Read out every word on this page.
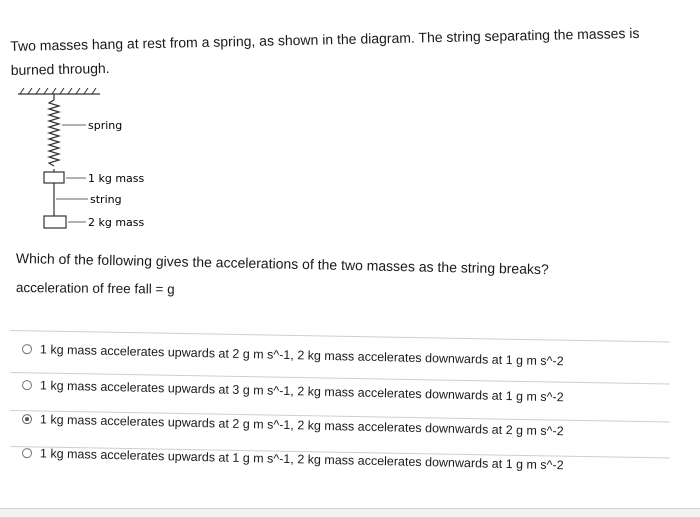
Two masses hang at rest from a spring, as shown in the diagram. The string separating the masses is burned through.
spring
1 kg mass
string
2 kg mass
Which of the following gives the accelerations of the two masses as the string breaks?
acceleration of free fall = g
1 kg mass accelerates upwards at 2 g m s^-1, 2 kg mass accelerates downwards at 1 g m s^-2
1 kg mass accelerates upwards at 3 g m s^-1, 2 kg mass accelerates downwards at 1 g m s^-2
1 kg mass accelerates upwards at 2 g m s^-1, 2 kg mass accelerates downwards at 2 g m s^-2
1 kg mass accelerates upwards at 1 g m s^-1, 2 kg mass accelerates downwards at 1 g m s^-2
